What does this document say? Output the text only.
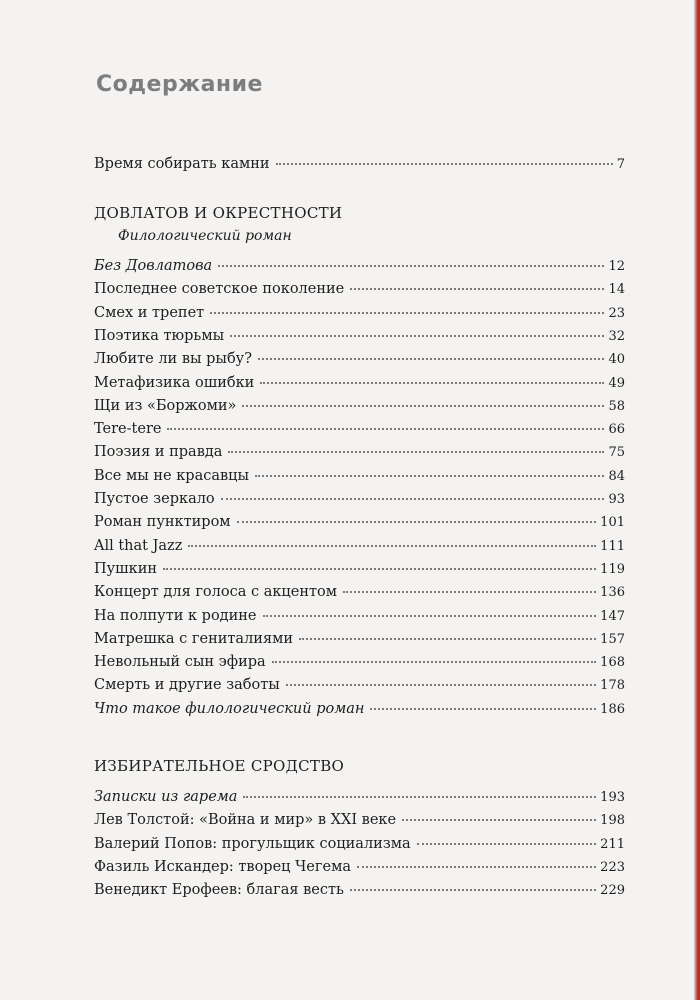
Содержание
Время собирать камни	7
ДОВЛАТОВ И ОКРЕСТНОСТИ
Филологический роман
Без Довлатова	12
Последнее советское поколение	14
Смех и трепет	23
Поэтика тюрьмы	32
Любите ли вы рыбу?	40
Метафизика ошибки	49
Щи из «Боржоми»	58
Tere-tere	66
Поэзия и правда	75
Все мы не красавцы	84
Пустое зеркало	93
Роман пунктиром	101
All that Jazz	111
Пушкин	119
Концерт для голоса с акцентом	136
На полпути к родине	147
Матрешка с гениталиями	157
Невольный сын эфира	168
Смерть и другие заботы	178
Что такое филологический роман	186
ИЗБИРАТЕЛЬНОЕ СРОДСТВО
Записки из гарема	193
Лев Толстой: «Война и мир» в XXI веке	198
Валерий Попов: прогульщик социализма	211
Фазиль Искандер: творец Чегема	223
Венедикт Ерофеев: благая весть	229
